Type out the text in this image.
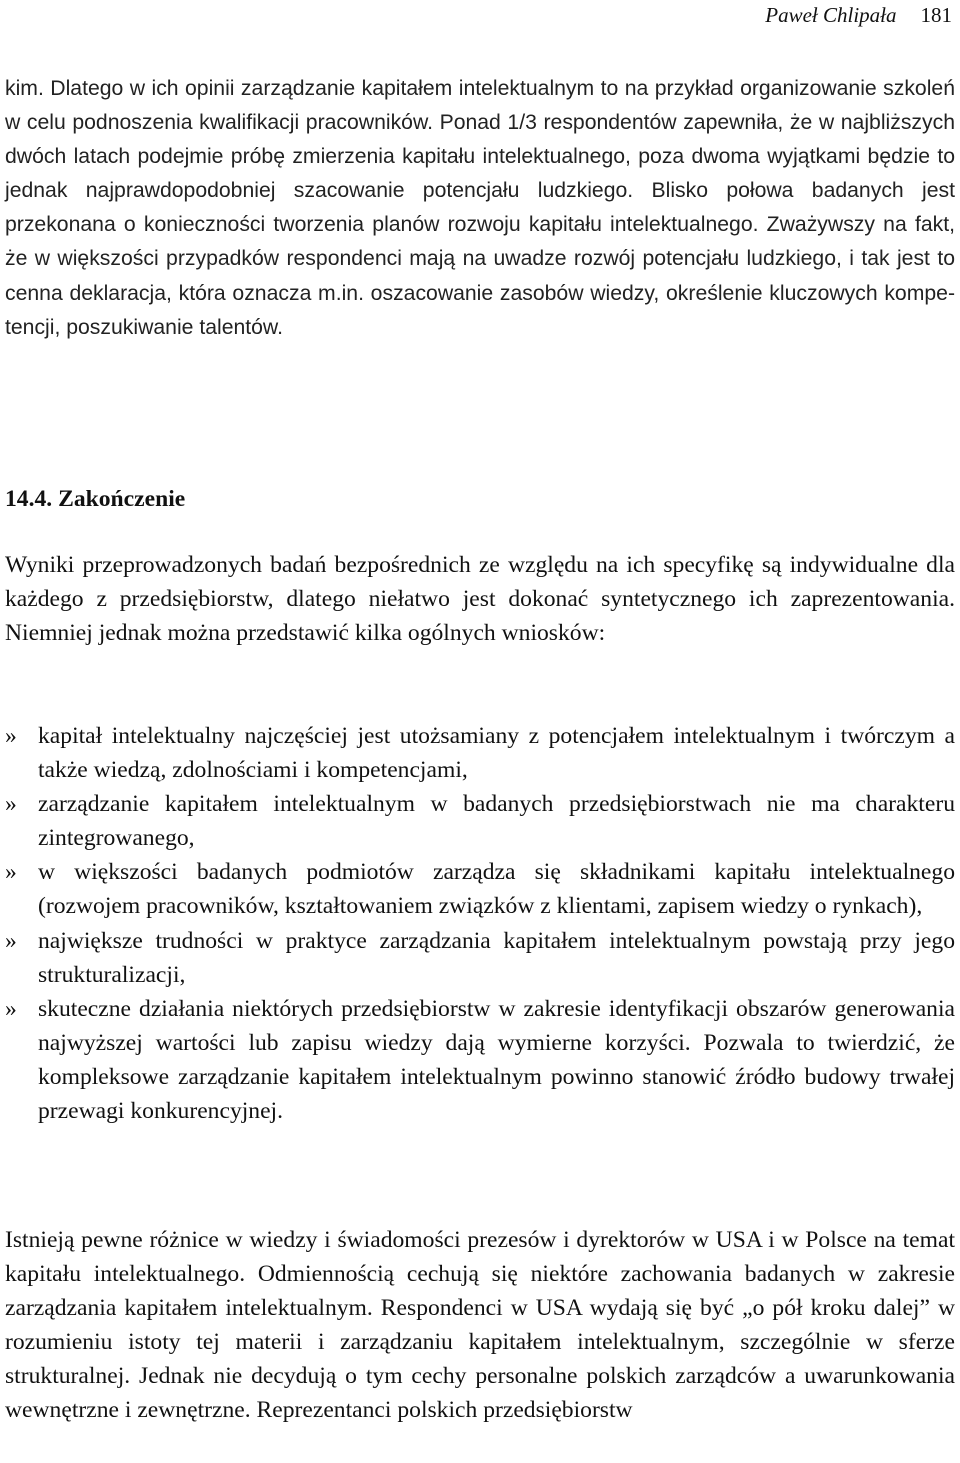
Paweł Chlipała 181

kim. Dlatego w ich opinii zarządzanie kapitałem intelektualnym to na przykład organizowanie szkoleń w celu podnoszenia kwalifikacji pracowników. Ponad 1/3 respondentów zapewniła, że w najbliższych dwóch latach podejmie próbę zmierzenia kapitału intelektualnego, poza dwoma wyjątkami będzie to jednak najprawdopodobniej szacowanie potencjału ludzkiego. Blisko połowa badanych jest przekonana o konieczności tworzenia planów rozwoju kapitału intelektualnego. Zważywszy na fakt, że w większości przypadków respondenci mają na uwadze rozwój potencjału ludzkiego, i tak jest to cenna deklaracja, która oznacza m.in. oszacowanie zasobów wiedzy, określenie kluczowych kompetencji, poszukiwanie talentów.

14.4. Zakończenie

Wyniki przeprowadzonych badań bezpośrednich ze względu na ich specyfikę są indywidualne dla każdego z przedsiębiorstw, dlatego niełatwo jest dokonać syntetycznego ich zaprezentowania. Niemniej jednak można przedstawić kilka ogólnych wniosków:

» kapitał intelektualny najczęściej jest utożsamiany z potencjałem intelektualnym i twórczym a także wiedzą, zdolnościami i kompetencjami,
» zarządzanie kapitałem intelektualnym w badanych przedsiębiorstwach nie ma charakteru zintegrowanego,
» w większości badanych podmiotów zarządza się składnikami kapitału intelektualnego (rozwojem pracowników, kształtowaniem związków z klientami, zapisem wiedzy o rynkach),
» największe trudności w praktyce zarządzania kapitałem intelektualnym powstają przy jego strukturalizacji,
» skuteczne działania niektórych przedsiębiorstw w zakresie identyfikacji obszarów generowania najwyższej wartości lub zapisu wiedzy dają wymierne korzyści. Pozwala to twierdzić, że kompleksowe zarządzanie kapitałem intelektualnym powinno stanowić źródło budowy trwałej przewagi konkurencyjnej.

Istnieją pewne różnice w wiedzy i świadomości prezesów i dyrektorów w USA i w Polsce na temat kapitału intelektualnego. Odmiennością cechują się niektóre zachowania badanych w zakresie zarządzania kapitałem intelektualnym. Respondenci w USA wydają się być „o pół kroku dalej” w rozumieniu istoty tej materii i zarządzaniu kapitałem intelektualnym, szczególnie w sferze strukturalnej. Jednak nie decydują o tym cechy personalne polskich zarządców a uwarunkowania wewnętrzne i zewnętrzne. Reprezentanci polskich przedsiębiorstw
